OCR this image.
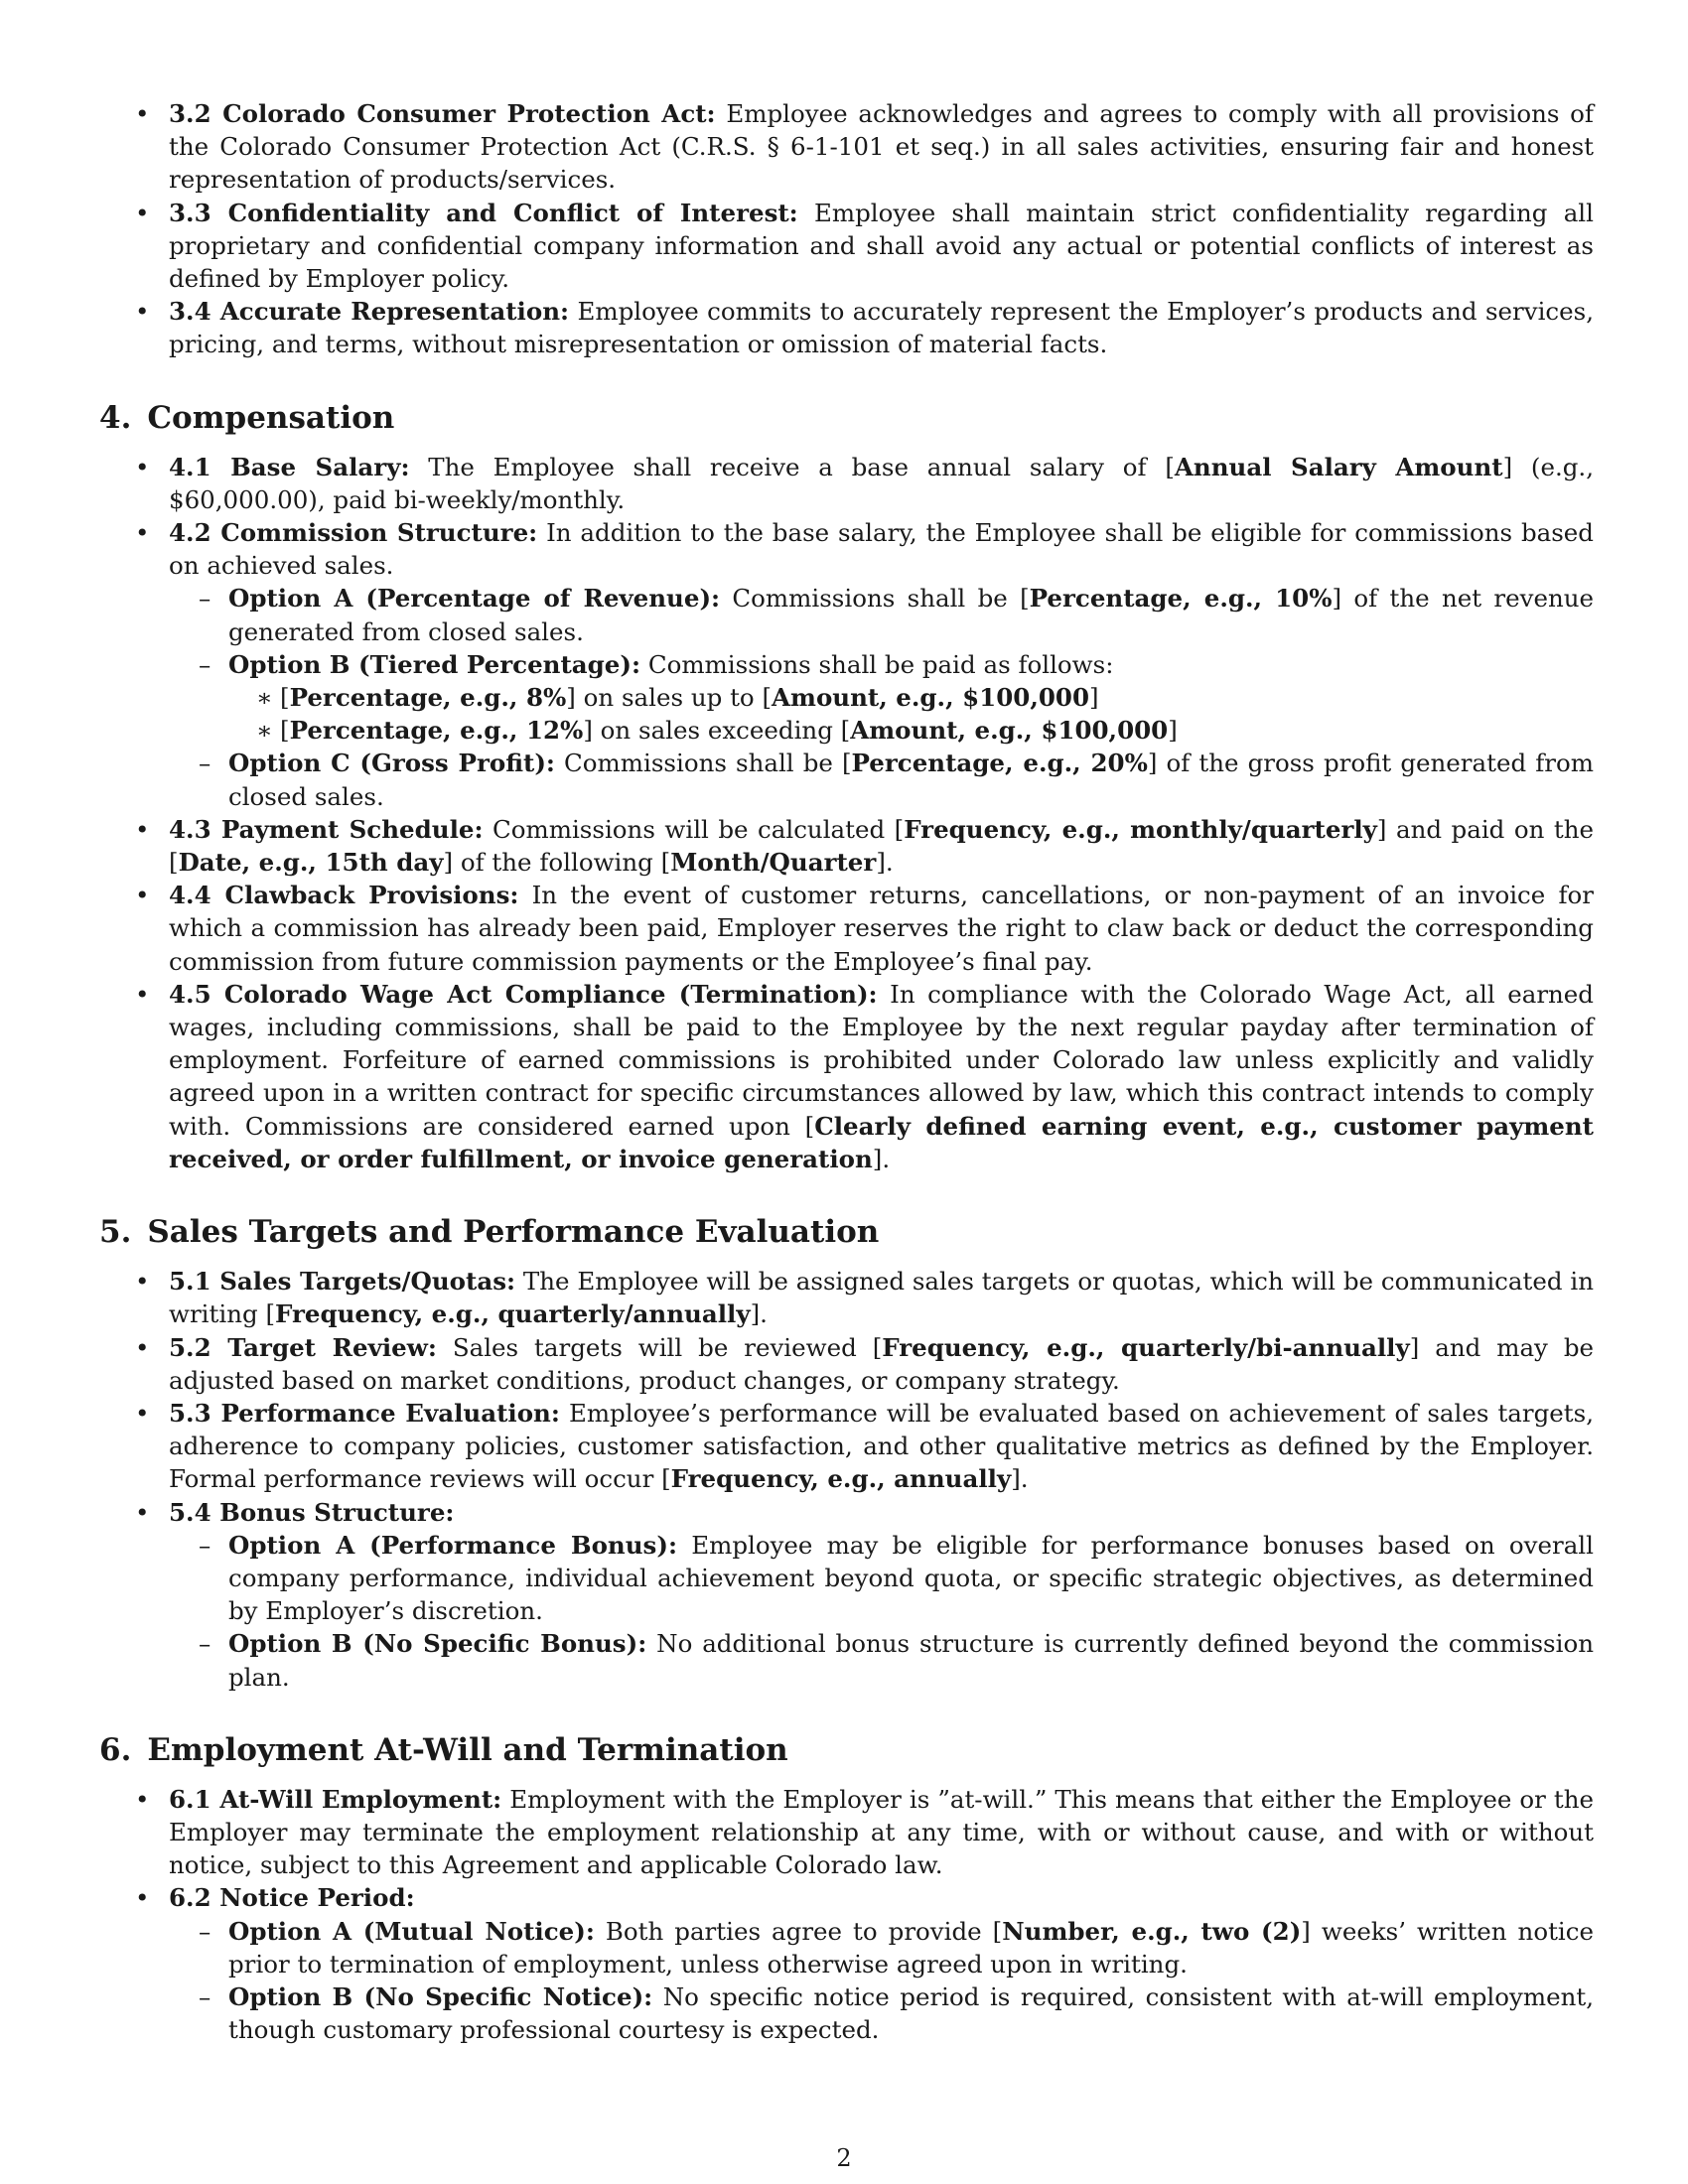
• 3.2 Colorado Consumer Protection Act: Employee acknowledges and agrees to comply with all provisions of the Colorado Consumer Protection Act (C.R.S. § 6-1-101 et seq.) in all sales activities, ensuring fair and honest representation of products/services.
• 3.3 Confidentiality and Conflict of Interest: Employee shall maintain strict confidentiality regarding all proprietary and confidential company information and shall avoid any actual or potential conflicts of interest as defined by Employer policy.
• 3.4 Accurate Representation: Employee commits to accurately represent the Employer’s products and services, pricing, and terms, without misrepresentation or omission of material facts.
4. Compensation
• 4.1 Base Salary: The Employee shall receive a base annual salary of [Annual Salary Amount] (e.g., $60,000.00), paid bi-weekly/monthly.
• 4.2 Commission Structure: In addition to the base salary, the Employee shall be eligible for commissions based on achieved sales.
– Option A (Percentage of Revenue): Commissions shall be [Percentage, e.g., 10%] of the net revenue generated from closed sales.
– Option B (Tiered Percentage): Commissions shall be paid as follows:
∗ [Percentage, e.g., 8%] on sales up to [Amount, e.g., $100,000]
∗ [Percentage, e.g., 12%] on sales exceeding [Amount, e.g., $100,000]
– Option C (Gross Profit): Commissions shall be [Percentage, e.g., 20%] of the gross profit generated from closed sales.
• 4.3 Payment Schedule: Commissions will be calculated [Frequency, e.g., monthly/quarterly] and paid on the [Date, e.g., 15th day] of the following [Month/Quarter].
• 4.4 Clawback Provisions: In the event of customer returns, cancellations, or non-payment of an invoice for which a commission has already been paid, Employer reserves the right to claw back or deduct the corresponding commission from future commission payments or the Employee’s final pay.
• 4.5 Colorado Wage Act Compliance (Termination): In compliance with the Colorado Wage Act, all earned wages, including commissions, shall be paid to the Employee by the next regular payday after termination of employment. Forfeiture of earned commissions is prohibited under Colorado law unless explicitly and validly agreed upon in a written contract for specific circumstances allowed by law, which this contract intends to comply with. Commissions are considered earned upon [Clearly defined earning event, e.g., customer payment received, or order fulfillment, or invoice generation].
5. Sales Targets and Performance Evaluation
• 5.1 Sales Targets/Quotas: The Employee will be assigned sales targets or quotas, which will be communicated in writing [Frequency, e.g., quarterly/annually].
• 5.2 Target Review: Sales targets will be reviewed [Frequency, e.g., quarterly/bi-annually] and may be adjusted based on market conditions, product changes, or company strategy.
• 5.3 Performance Evaluation: Employee’s performance will be evaluated based on achievement of sales targets, adherence to company policies, customer satisfaction, and other qualitative metrics as defined by the Employer. Formal performance reviews will occur [Frequency, e.g., annually].
• 5.4 Bonus Structure:
– Option A (Performance Bonus): Employee may be eligible for performance bonuses based on overall company performance, individual achievement beyond quota, or specific strategic objectives, as determined by Employer’s discretion.
– Option B (No Specific Bonus): No additional bonus structure is currently defined beyond the commission plan.
6. Employment At-Will and Termination
• 6.1 At-Will Employment: Employment with the Employer is ”at-will.” This means that either the Employee or the Employer may terminate the employment relationship at any time, with or without cause, and with or without notice, subject to this Agreement and applicable Colorado law.
• 6.2 Notice Period:
– Option A (Mutual Notice): Both parties agree to provide [Number, e.g., two (2)] weeks’ written notice prior to termination of employment, unless otherwise agreed upon in writing.
– Option B (No Specific Notice): No specific notice period is required, consistent with at-will employment, though customary professional courtesy is expected.
2
